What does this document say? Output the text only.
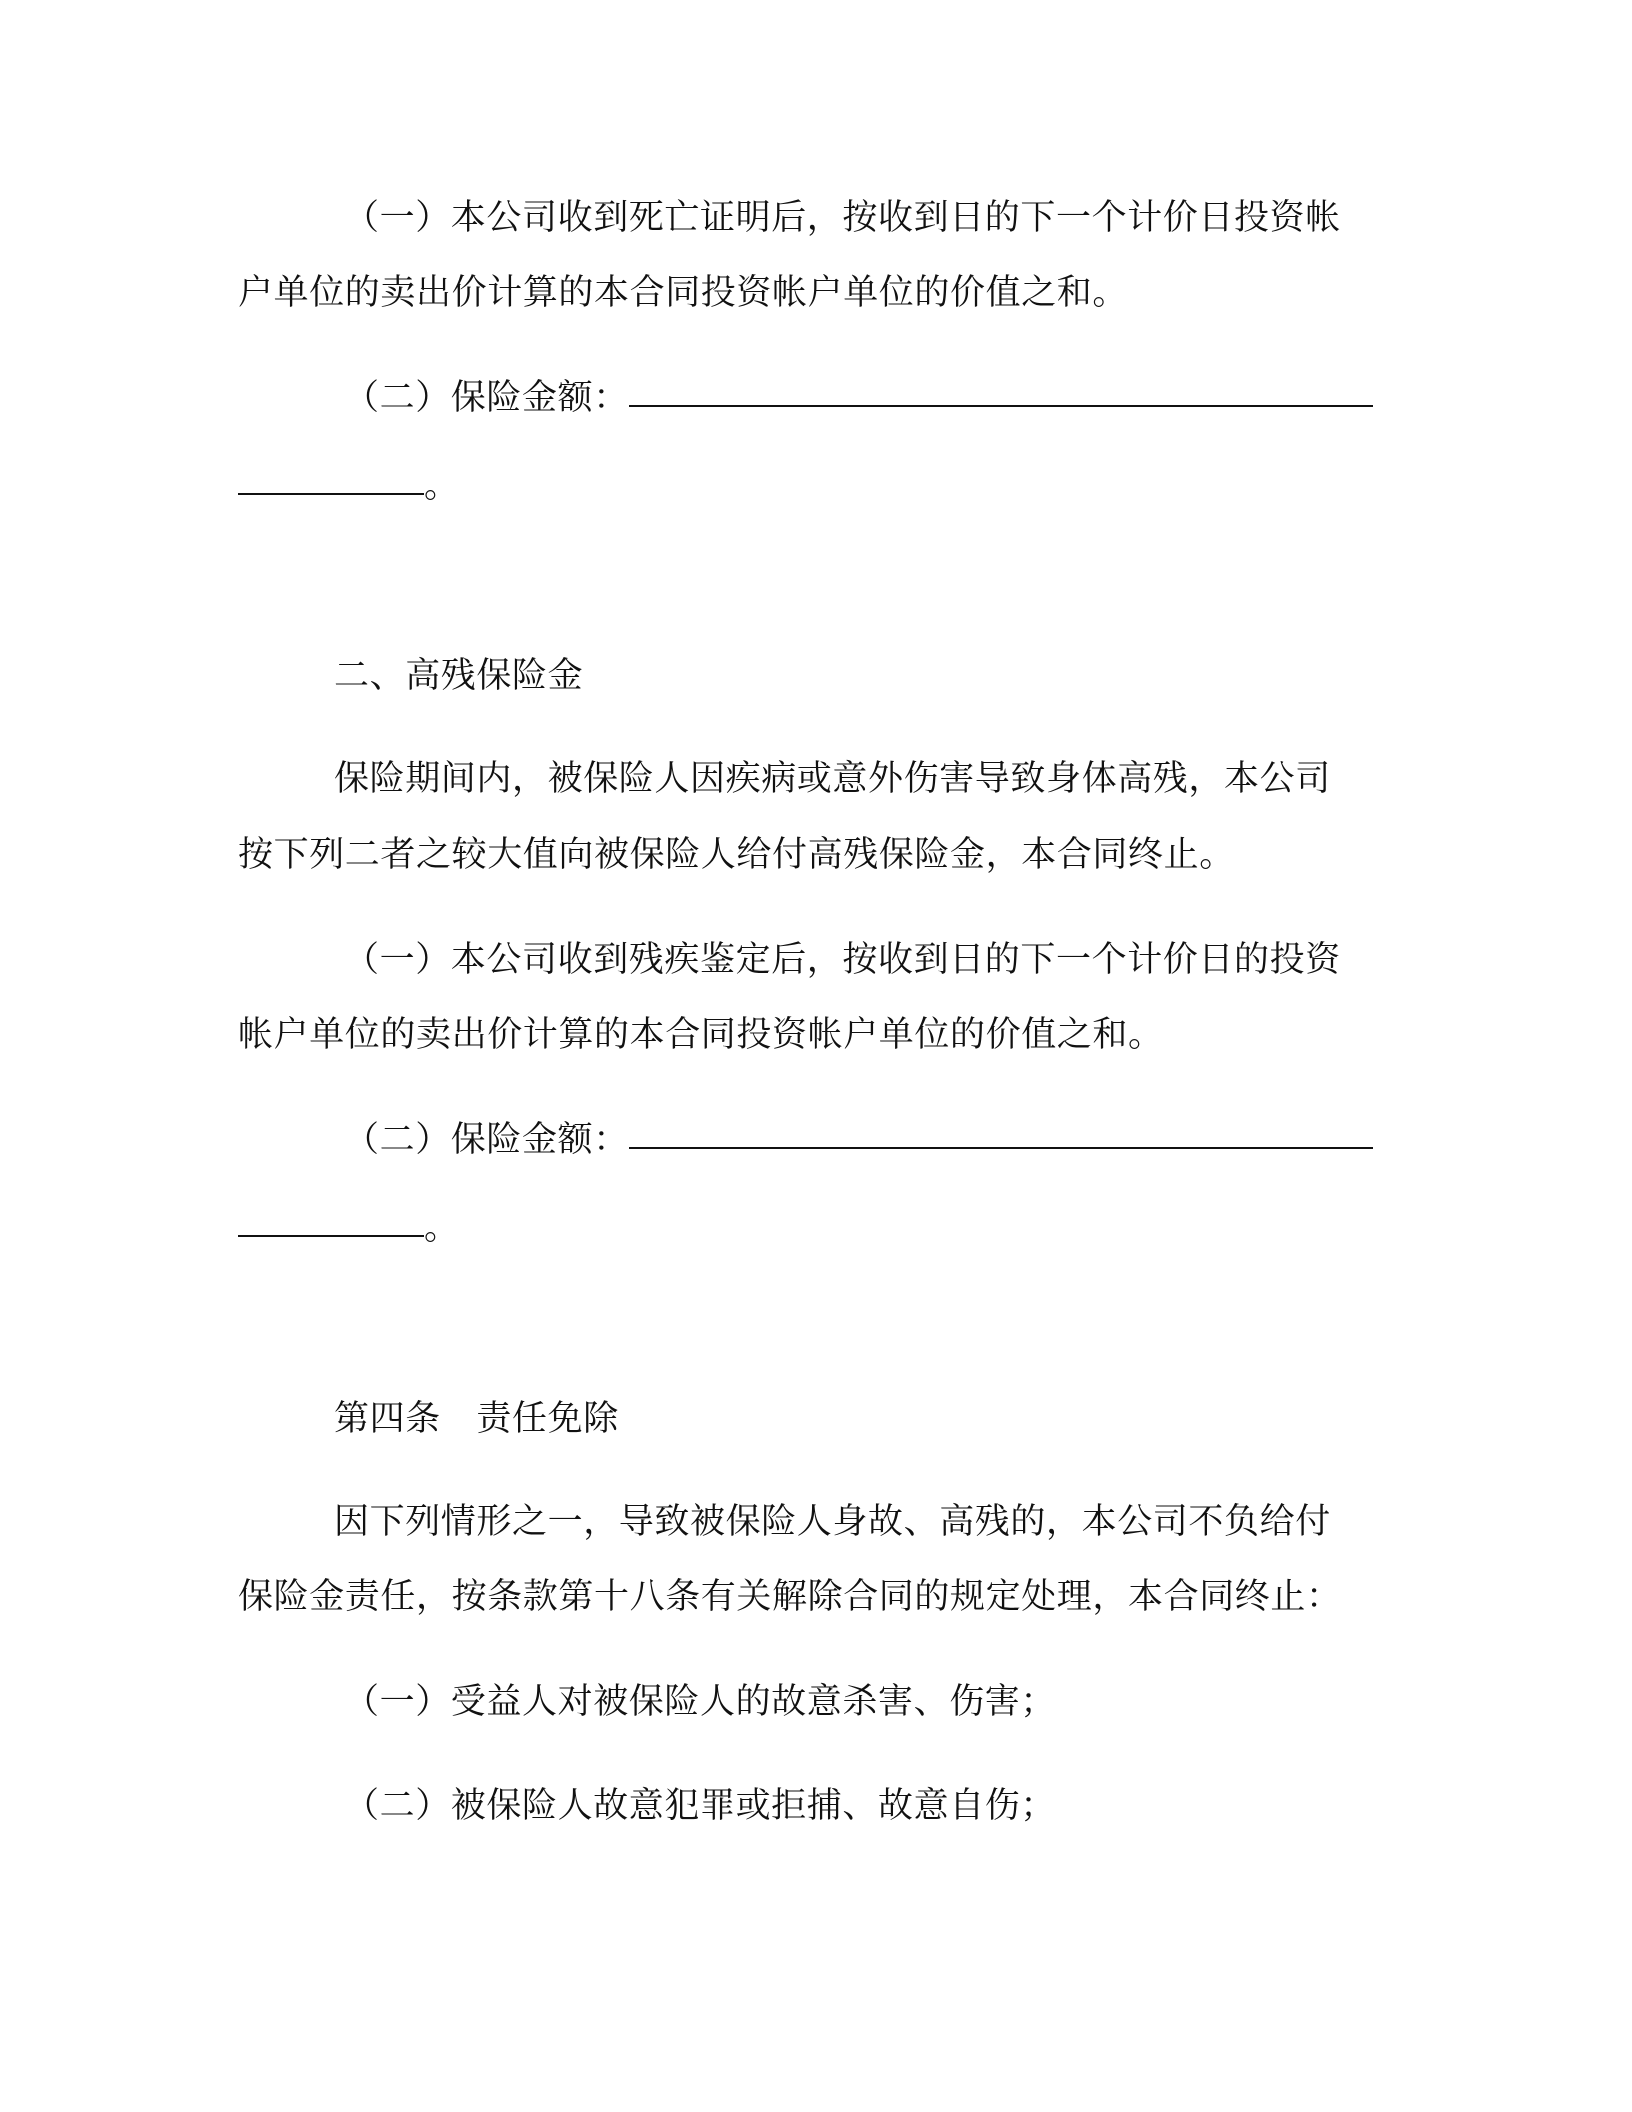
（一）本公司收到死亡证明后，按收到日的下一个计价日投资帐
户单位的卖出价计算的本合同投资帐户单位的价值之和。
（二）保险金额：
。
二、高残保险金
保险期间内，被保险人因疾病或意外伤害导致身体高残，本公司
按下列二者之较大值向被保险人给付高残保险金，本合同终止。
（一）本公司收到残疾鉴定后，按收到日的下一个计价日的投资
帐户单位的卖出价计算的本合同投资帐户单位的价值之和。
（二）保险金额：
。
第四条　责任免除
因下列情形之一，导致被保险人身故、高残的，本公司不负给付
保险金责任，按条款第十八条有关解除合同的规定处理，本合同终止：
（一）受益人对被保险人的故意杀害、伤害；
（二）被保险人故意犯罪或拒捕、故意自伤；
